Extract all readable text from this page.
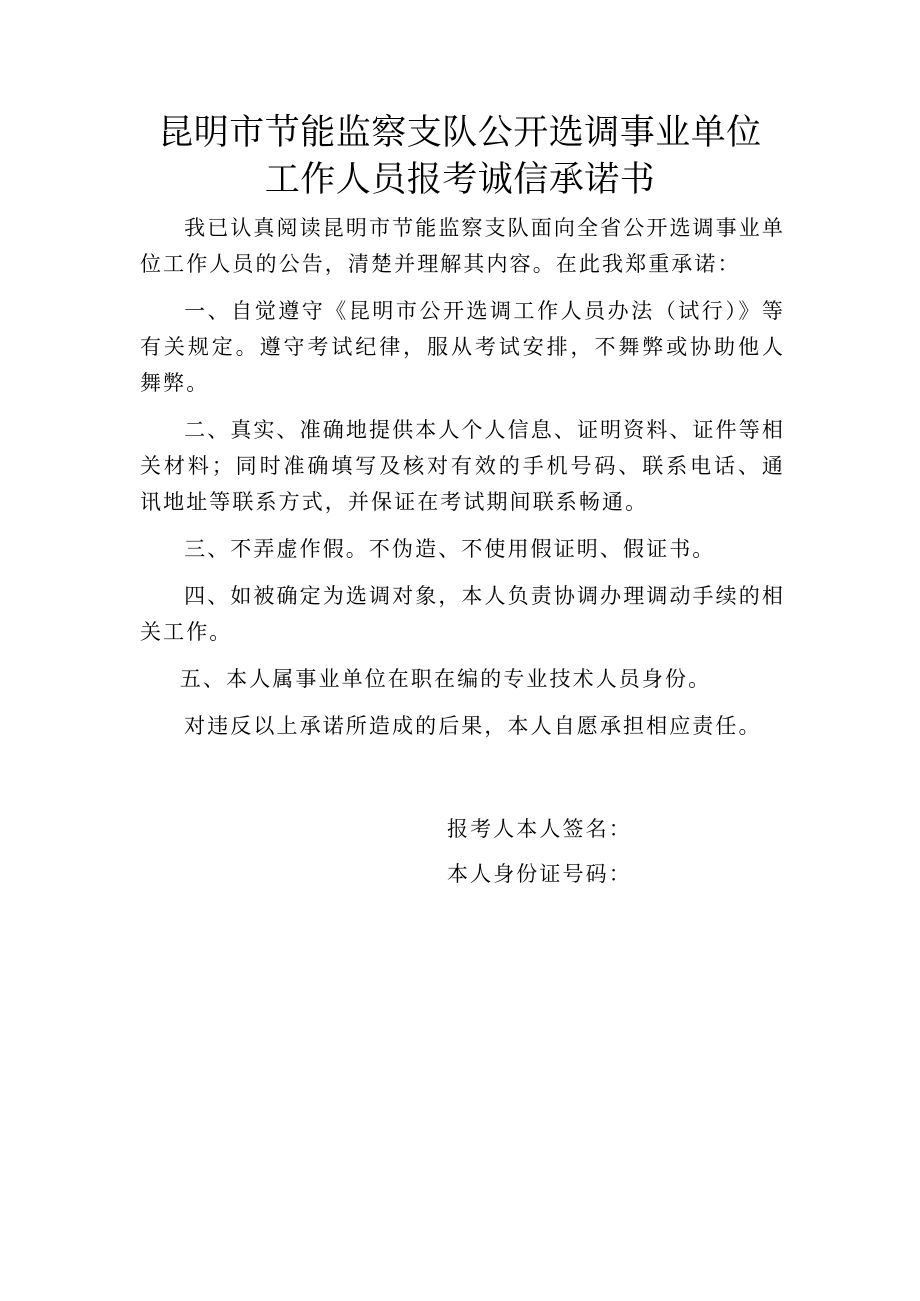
昆明市节能监察支队公开选调事业单位
工作人员报考诚信承诺书

我已认真阅读昆明市节能监察支队面向全省公开选调事业单位工作人员的公告，清楚并理解其内容。在此我郑重承诺：

一、自觉遵守《昆明市公开选调工作人员办法（试行）》等有关规定。遵守考试纪律，服从考试安排，不舞弊或协助他人舞弊。

二、真实、准确地提供本人个人信息、证明资料、证件等相关材料；同时准确填写及核对有效的手机号码、联系电话、通讯地址等联系方式，并保证在考试期间联系畅通。

三、不弄虚作假。不伪造、不使用假证明、假证书。

四、如被确定为选调对象，本人负责协调办理调动手续的相关工作。

五、本人属事业单位在职在编的专业技术人员身份。

对违反以上承诺所造成的后果，本人自愿承担相应责任。

报考人本人签名：
本人身份证号码：
